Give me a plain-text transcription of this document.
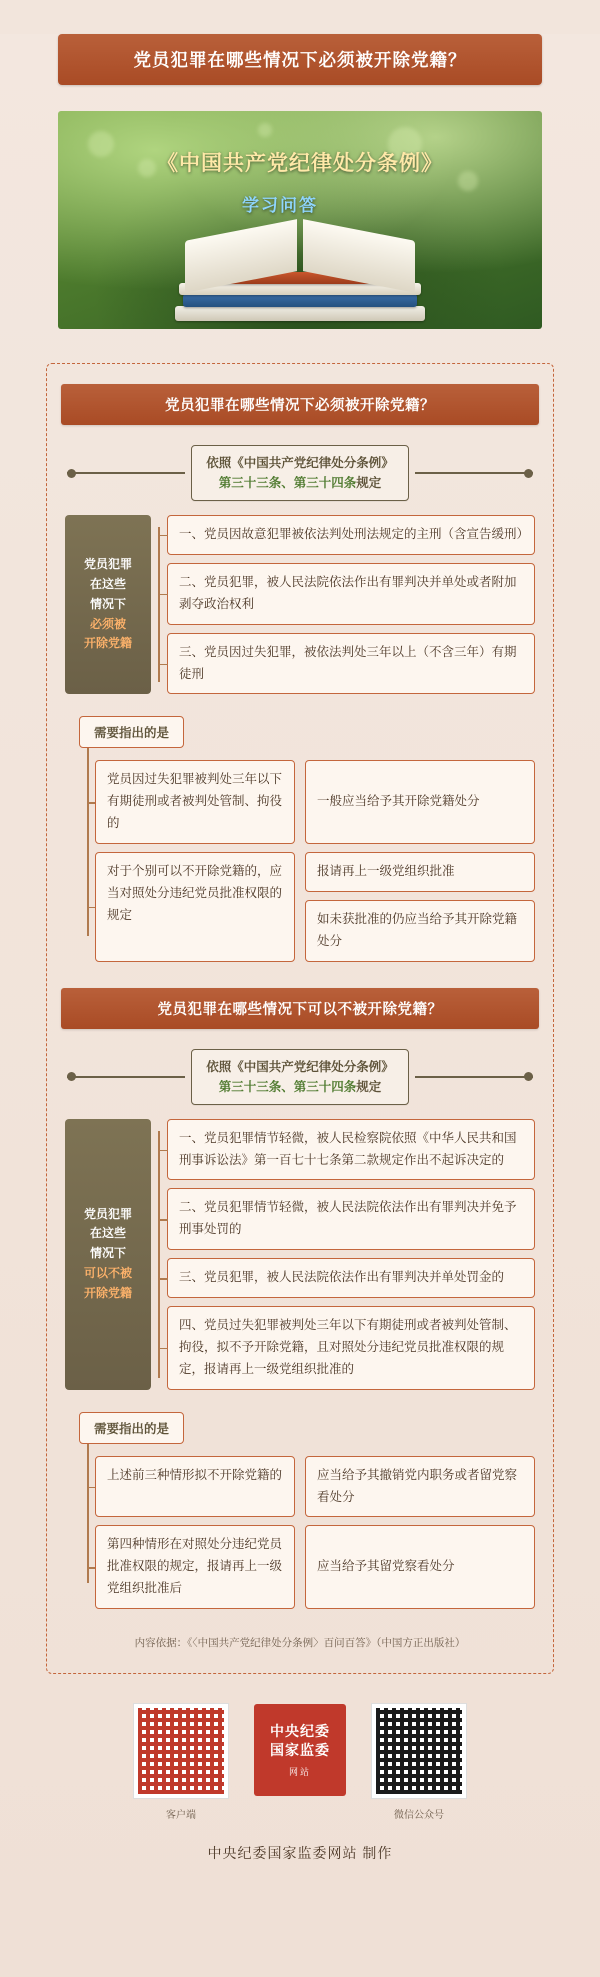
党员犯罪在哪些情况下必须被开除党籍？
《中国共产党纪律处分条例》
学习问答
党员犯罪在哪些情况下必须被开除党籍？
依照《中国共产党纪律处分条例》
第三十三条、第三十四条规定
党员犯罪
在这些
情况下
必须被
开除党籍
一、党员因故意犯罪被依法判处刑法规定的主刑（含宣告缓刑）
二、党员犯罪，被人民法院依法作出有罪判决并单处或者附加剥夺政治权利
三、党员因过失犯罪，被依法判处三年以上（不含三年）有期徒刑
需要指出的是
党员因过失犯罪被判处三年以下有期徒刑或者被判处管制、拘役的
一般应当给予其开除党籍处分
对于个别可以不开除党籍的，应当对照处分违纪党员批准权限的规定
报请再上一级党组织批准
如未获批准的仍应当给予其开除党籍处分
党员犯罪在哪些情况下可以不被开除党籍？
依照《中国共产党纪律处分条例》
第三十三条、第三十四条规定
党员犯罪
在这些
情况下
可以不被
开除党籍
一、党员犯罪情节轻微，被人民检察院依照《中华人民共和国刑事诉讼法》第一百七十七条第二款规定作出不起诉决定的
二、党员犯罪情节轻微，被人民法院依法作出有罪判决并免予刑事处罚的
三、党员犯罪，被人民法院依法作出有罪判决并单处罚金的
四、党员过失犯罪被判处三年以下有期徒刑或者被判处管制、拘役，拟不予开除党籍，且对照处分违纪党员批准权限的规定，报请再上一级党组织批准的
需要指出的是
上述前三种情形拟不开除党籍的	应当给予其撤销党内职务或者留党察看处分
第四种情形在对照处分违纪党员批准权限的规定，报请再上一级党组织批准后
应当给予其留党察看处分
内容依据：《〈中国共产党纪律处分条例〉百问百答》（中国方正出版社）
客户端
中央纪委
国家监委
网站
微信公众号
中央纪委国家监委网站 制作
